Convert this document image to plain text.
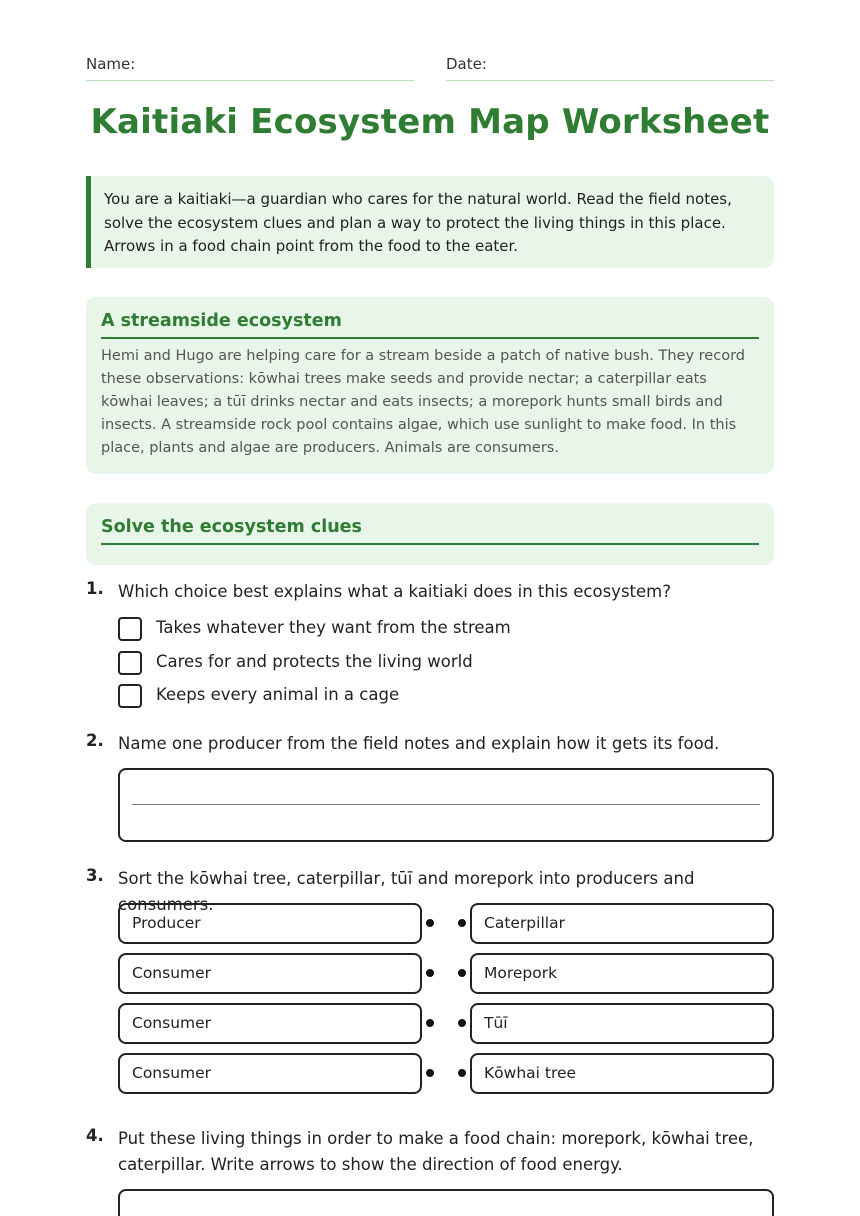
Name:	Date:
Kaitiaki Ecosystem Map Worksheet
You are a kaitiaki—a guardian who cares for the natural world. Read the field notes, solve the ecosystem clues and plan a way to protect the living things in this place. Arrows in a food chain point from the food to the eater.
A streamside ecosystem

Hemi and Hugo are helping care for a stream beside a patch of native bush. They record these observations: kōwhai trees make seeds and provide nectar; a caterpillar eats kōwhai leaves; a tūī drinks nectar and eats insects; a morepork hunts small birds and insects. A streamside rock pool contains algae, which use sunlight to make food. In this place, plants and algae are producers. Animals are consumers.

Solve the ecosystem clues
1. Which choice best explains what a kaitiaki does in this ecosystem?
Takes whatever they want from the stream
Cares for and protects the living world
Keeps every animal in a cage
2. Name one producer from the field notes and explain how it gets its food.
3. Sort the kōwhai tree, caterpillar, tūī and morepork into producers and consumers.
Producer	Caterpillar
Consumer	Morepork
Consumer	Tūī
Consumer	Kōwhai tree
4. Put these living things in order to make a food chain: morepork, kōwhai tree, caterpillar. Write arrows to show the direction of food energy.
